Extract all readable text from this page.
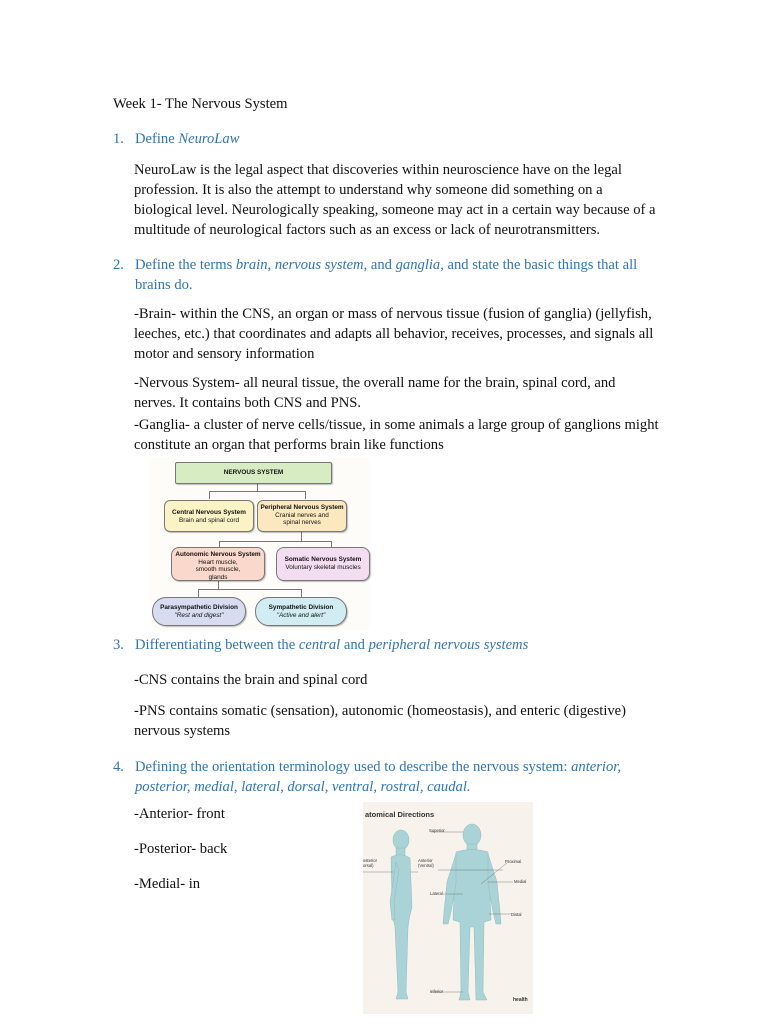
Week 1- The Nervous System
1. Define NeuroLaw
NeuroLaw is the legal aspect that discoveries within neuroscience have on the legal
profession. It is also the attempt to understand why someone did something on a
biological level. Neurologically speaking, someone may act in a certain way because of a
multitude of neurological factors such as an excess or lack of neurotransmitters.
2. Define the terms brain, nervous system, and ganglia, and state the basic things that all
brains do.
-Brain- within the CNS, an organ or mass of nervous tissue (fusion of ganglia) (jellyfish,
leeches, etc.) that coordinates and adapts all behavior, receives, processes, and signals all
motor and sensory information
-Nervous System- all neural tissue, the overall name for the brain, spinal cord, and
nerves. It contains both CNS and PNS.
-Ganglia- a cluster of nerve cells/tissue, in some animals a large group of ganglions might
constitute an organ that performs brain like functions
NERVOUS SYSTEM
Central Nervous System
Brain and spinal cord
Peripheral Nervous System
Cranial nerves and spinal nerves
Autonomic Nervous System
Heart muscle, smooth muscle, glands
Somatic Nervous System
Voluntary skeletal muscles
Parasympathetic Division
"Rest and digest"
Sympathetic Division
"Active and alert"
3. Differentiating between the central and peripheral nervous systems
-CNS contains the brain and spinal cord
-PNS contains somatic (sensation), autonomic (homeostasis), and enteric (digestive)
nervous systems
4. Defining the orientation terminology used to describe the nervous system: anterior,
posterior, medial, lateral, dorsal, ventral, rostral, caudal.
-Anterior- front
-Posterior- back
-Medial- in
atomical Directions
Superior
osterior orsal)
Anterior (Ventral)
Proximal
Medial
Lateral
Distal
Inferior
health
